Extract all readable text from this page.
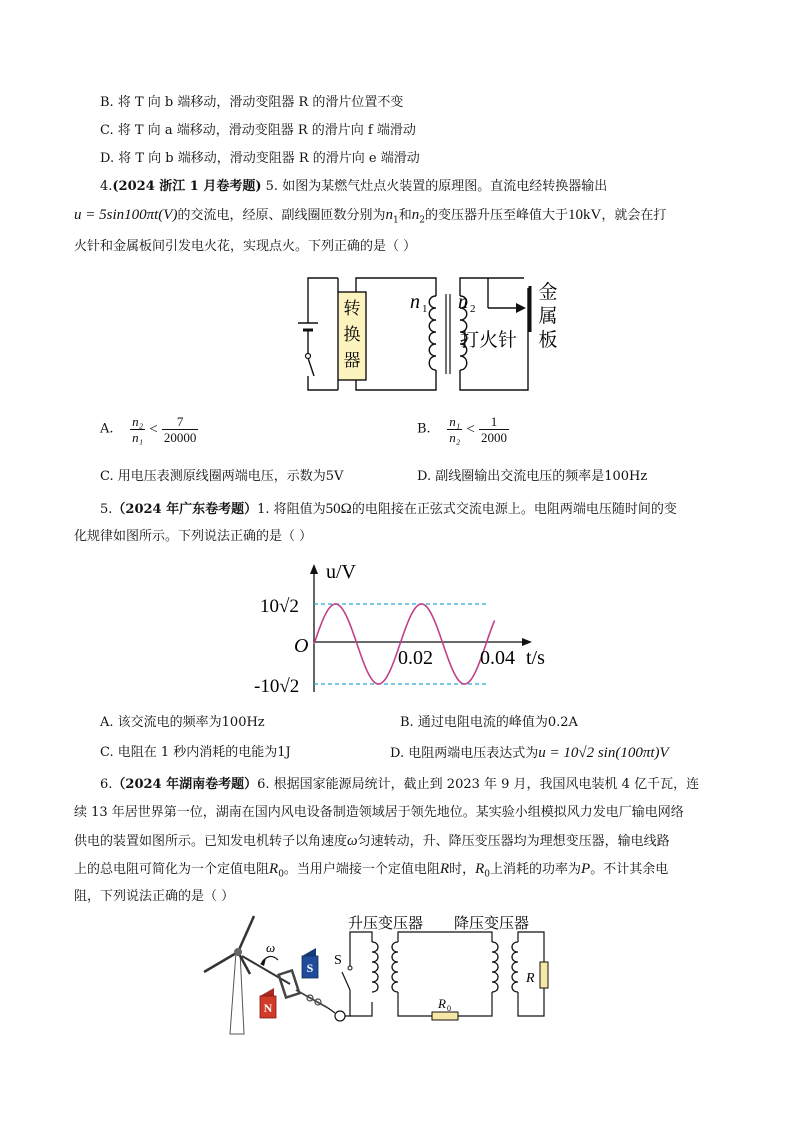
B. 将 T 向 b 端移动，滑动变阻器 R 的滑片位置不变
C. 将 T 向 a 端移动，滑动变阻器 R 的滑片向 f 端滑动
D. 将 T 向 b 端移动，滑动变阻器 R 的滑片向 e 端滑动
4.(2024 浙江 1 月卷考题) 5. 如图为某燃气灶点火装置的原理图。直流电经转换器输出
u = 5sin100πt(V)的交流电，经原、副线圈匝数分别为$n_1$和$n_2$的变压器升压至峰值大于10kV，就会在打
火针和金属板间引发电火花，实现点火。下列正确的是（ ）
转
换
器
n 1 n 2
打火针
金
属
板
A. $\frac{\text{n₂}}{\text{n₁}} < \frac{7}{20000}$	B. $\frac{\text{n₁}}{\text{n₂}} < \frac{1}{2000}$
C. 用电压表测原线圈两端电压，示数为5V	D. 副线圈输出交流电压的频率是100Hz
5.（2024 年广东卷考题）1. 将阻值为50Ω的电阻接在正弦式交流电源上。电阻两端电压随时间的变
化规律如图所示。下列说法正确的是（ ）
u/V
t/s
O
10√2
-10√2
0.02 0.04
A. 该交流电的频率为100Hz	B. 通过电阻电流的峰值为0.2A
C. 电阻在 1 秒内消耗的电能为1J	D. 电阻两端电压表达式为u = 10√2 sin(100πt)V
6.（2024 年湖南卷考题）6. 根据国家能源局统计，截止到 2023 年 9 月，我国风电装机 4 亿千瓦，连
续 13 年居世界第一位，湖南在国内风电设备制造领域居于领先地位。某实验小组模拟风力发电厂输电网络
供电的装置如图所示。已知发电机转子以角速度ω匀速转动，升、降压变压器均为理想变压器，输电线路
上的总电阻可简化为一个定值电阻$R_0$。当用户端接一个定值电阻R时，$R_0$上消耗的功率为P。不计其余电
阻，下列说法正确的是（ ）
ω
N
S S
升压变压器
R 0
降压变压器
R
